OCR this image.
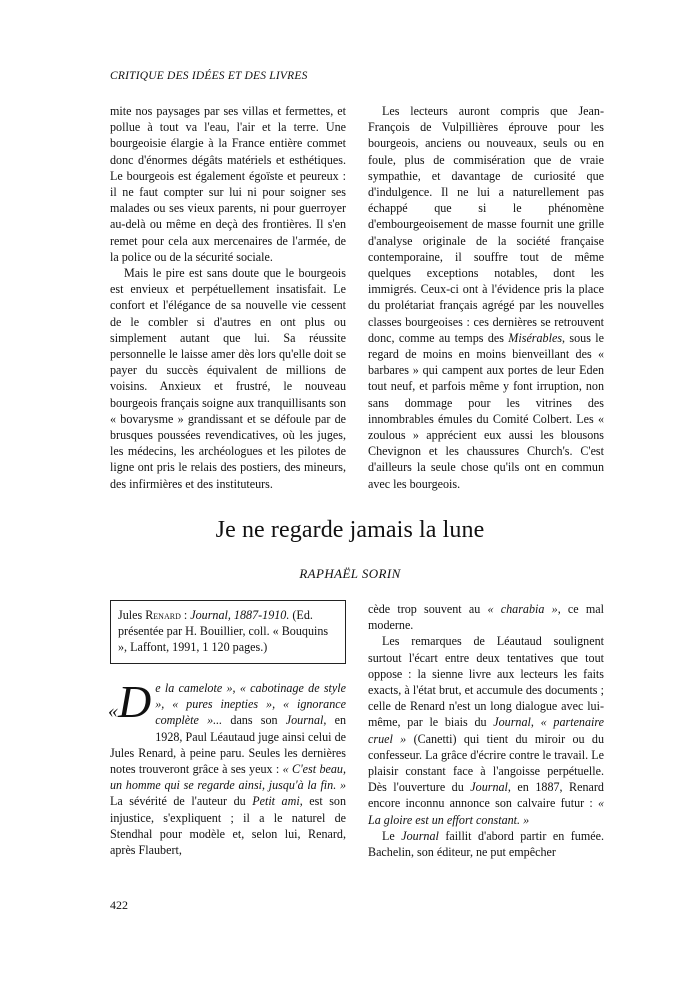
CRITIQUE DES IDÉES ET DES LIVRES

mite nos paysages par ses villas et fermettes, et pollue à tout va l'eau, l'air et la terre. Une bourgeoisie élargie à la France entière commet donc d'énormes dégâts matériels et esthétiques. Le bourgeois est également égoïste et peureux : il ne faut compter sur lui ni pour soigner ses malades ou ses vieux parents, ni pour guerroyer au-delà ou même en deçà des frontières. Il s'en remet pour cela aux mercenaires de l'armée, de la police ou de la sécurité sociale.

Mais le pire est sans doute que le bourgeois est envieux et perpétuellement insatisfait. Le confort et l'élégance de sa nouvelle vie cessent de le combler si d'autres en ont plus ou simplement autant que lui. Sa réussite personnelle le laisse amer dès lors qu'elle doit se payer du succès équivalent de millions de voisins. Anxieux et frustré, le nouveau bourgeois français soigne aux tranquillisants son « bovarysme » grandissant et se défoule par de brusques poussées revendicatives, où les juges, les médecins, les archéologues et les pilotes de ligne ont pris le relais des postiers, des mineurs, des infirmières et des instituteurs.

Les lecteurs auront compris que Jean-François de Vulpillières éprouve pour les bourgeois, anciens ou nouveaux, seuls ou en foule, plus de commisération que de vraie sympathie, et davantage de curiosité que d'indulgence. Il ne lui a naturellement pas échappé que si le phénomène d'embourgeoisement de masse fournit une grille d'analyse originale de la société française contemporaine, il souffre tout de même quelques exceptions notables, dont les immigrés. Ceux-ci ont à l'évidence pris la place du prolétariat français agrégé par les nouvelles classes bourgeoises : ces dernières se retrouvent donc, comme au temps des Misérables, sous le regard de moins en moins bienveillant des « barbares » qui campent aux portes de leur Eden tout neuf, et parfois même y font irruption, non sans dommage pour les vitrines des innombrables émules du Comité Colbert. Les « zoulous » apprécient eux aussi les blousons Chevignon et les chaussures Church's. C'est d'ailleurs la seule chose qu'ils ont en commun avec les bourgeois.

Je ne regarde jamais la lune
RAPHAËL SORIN
Jules Renard : Journal, 1887-1910. (Ed. présentée par H. Bouillier, coll. « Bouquins », Laffont, 1991, 1 120 pages.)

«D e la camelote », « cabotinage de style », « pures inepties », « ignorance complète »... dans son Journal, en 1928, Paul Léautaud juge ainsi celui de Jules Renard, à peine paru. Seules les dernières notes trouveront grâce à ses yeux : « C'est beau, un homme qui se regarde ainsi, jusqu'à la fin. » La sévérité de l'auteur du Petit ami, est son injustice, s'expliquent ; il a le naturel de Stendhal pour modèle et, selon lui, Renard, après Flaubert,

cède trop souvent au « charabia », ce mal moderne.

Les remarques de Léautaud soulignent surtout l'écart entre deux tentatives que tout oppose : la sienne livre aux lecteurs les faits exacts, à l'état brut, et accumule des documents ; celle de Renard n'est un long dialogue avec lui-même, par le biais du Journal, « partenaire cruel » (Canetti) qui tient du miroir ou du confesseur. La grâce d'écrire contre le travail. Le plaisir constant face à l'angoisse perpétuelle. Dès l'ouverture du Journal, en 1887, Renard encore inconnu annonce son calvaire futur : « La gloire est un effort constant. »

Le Journal faillit d'abord partir en fumée. Bachelin, son éditeur, ne put empêcher

422
